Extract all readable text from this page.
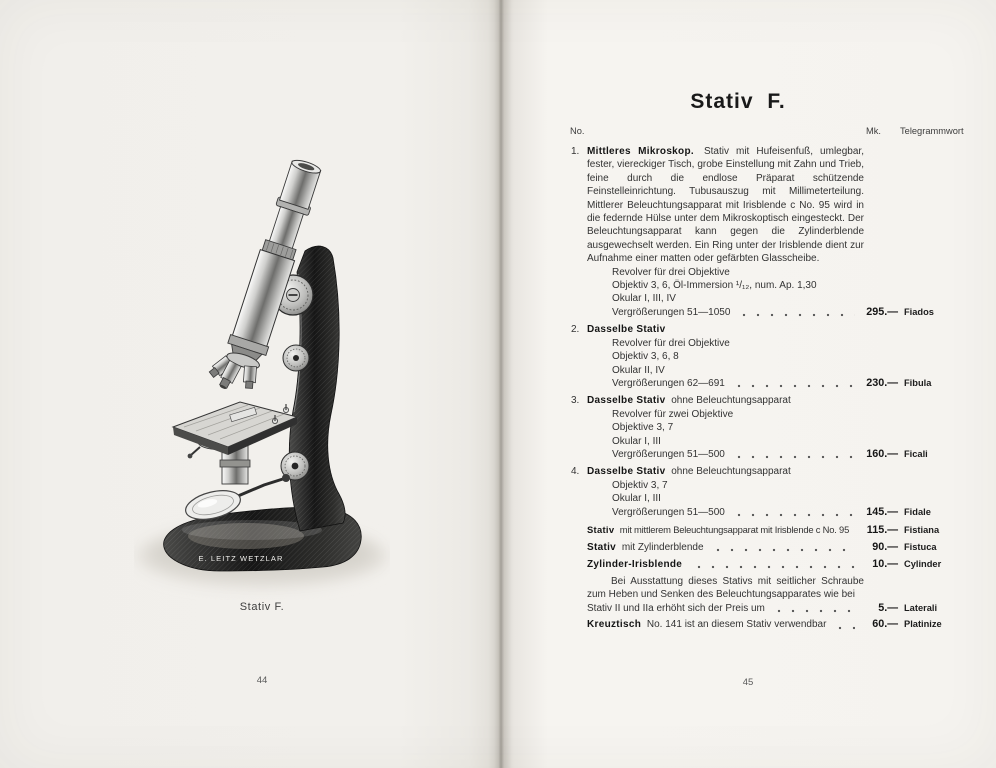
E. LEITZ WETZLAR
Stativ F.
44
Stativ F.
No.	Mk. Telegrammwort
1. Mittleres Mikroskop. Stativ mit Hufeisenfuß, umlegbar, fester, viereckiger Tisch, grobe Einstellung mit Zahn und Trieb, feine durch die endlose Präparat schützende Feinstelleinrichtung. Tubusauszug mit Millimeterteilung. Mittlerer Beleuchtungsapparat mit Irisblende c No. 95 wird in die federnde Hülse unter dem Mikroskoptisch eingesteckt. Der Beleuchtungsapparat kann gegen die Zylinderblende ausgewechselt werden. Ein Ring unter der Irisblende dient zur Aufnahme einer matten oder gefärbten Glasscheibe.
Revolver für drei Objektive
Objektiv 3, 6, Öl-Immersion ¹/₁₂, num. Ap. 1,30
Okular I, III, IV
Vergrößerungen 51—1050	295.— Fiados
2. Dasselbe Stativ
Revolver für drei Objektive
Objektiv 3, 6, 8
Okular II, IV
Vergrößerungen 62—691	230.— Fibula
3. Dasselbe Stativ ohne Beleuchtungsapparat
Revolver für zwei Objektive
Objektive 3, 7
Okular I, III
Vergrößerungen 51—500	160.— Ficali
4. Dasselbe Stativ ohne Beleuchtungsapparat
Objektiv 3, 7
Okular I, III
Vergrößerungen 51—500	145.— Fidale
Stativ mit mittlerem Beleuchtungsapparat mit Irisblende c No. 95	115.— Fistiana
Stativ mit Zylinderblende	90.— Fistuca
Zylinder-Irisblende	10.— Cylinder
Bei Ausstattung dieses Stativs mit seitlicher Schraube zum Heben und Senken des Beleuchtungsapparates wie bei
Stativ II und IIa erhöht sich der Preis um	5.— Laterali
Kreuztisch No. 141 ist an diesem Stativ verwendbar	60.— Platinize
45
